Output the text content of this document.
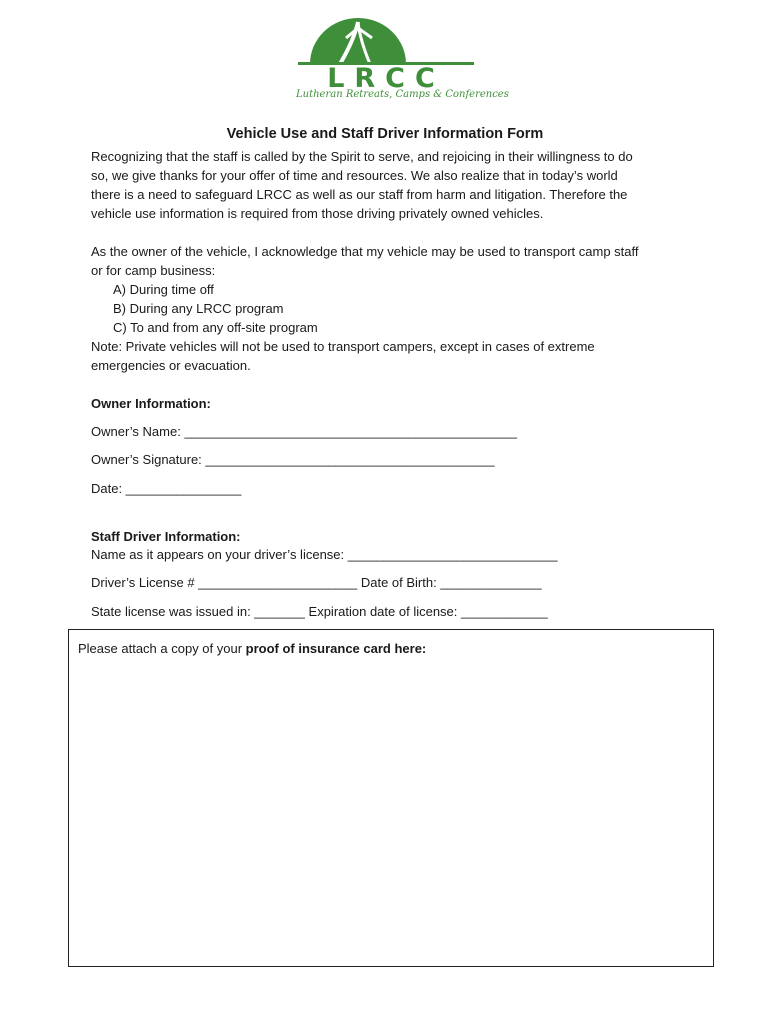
LRCC
Lutheran Retreats, Camps & Conferences
Vehicle Use and Staff Driver Information Form
Recognizing that the staff is called by the Spirit to serve, and rejoicing in their willingness to do
so, we give thanks for your offer of time and resources. We also realize that in today’s world
there is a need to safeguard LRCC as well as our staff from harm and litigation. Therefore the
vehicle use information is required from those driving privately owned vehicles.
As the owner of the vehicle, I acknowledge that my vehicle may be used to transport camp staff
or for camp business:
A) During time off
B) During any LRCC program
C) To and from any off-site program
Note: Private vehicles will not be used to transport campers, except in cases of extreme
emergencies or evacuation.
Owner Information:
Owner’s Name: ______________________________________________
Owner’s Signature: ________________________________________
Date: ________________
Staff Driver Information:
Name as it appears on your driver’s license: _____________________________
Driver’s License # ______________________ Date of Birth: ______________
State license was issued in: _______ Expiration date of license: ____________
Please attach a copy of your proof of insurance card here:
